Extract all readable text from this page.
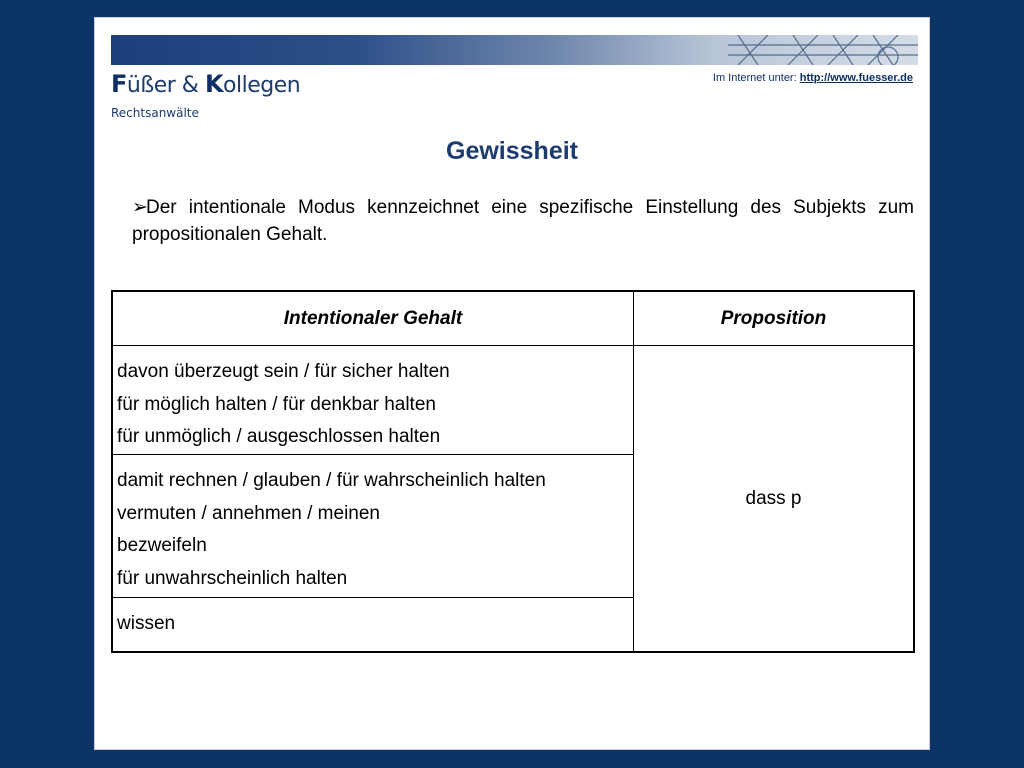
Füßer & Kollegen
Rechtsanwälte
Im Internet unter: http://www.fuesser.de
Gewissheit
➢Der intentionale Modus kennzeichnet eine spezifische Einstellung des Subjekts zum propositionalen Gehalt.
Intentionaler Gehalt	Proposition

davon überzeugt sein / für sicher halten
für möglich halten / für denkbar halten
für unmöglich / ausgeschlossen halten	dass p

damit rechnen / glauben / für wahrscheinlich halten
vermuten / annehmen / meinen
bezweifeln
für unwahrscheinlich halten	

wissen	
